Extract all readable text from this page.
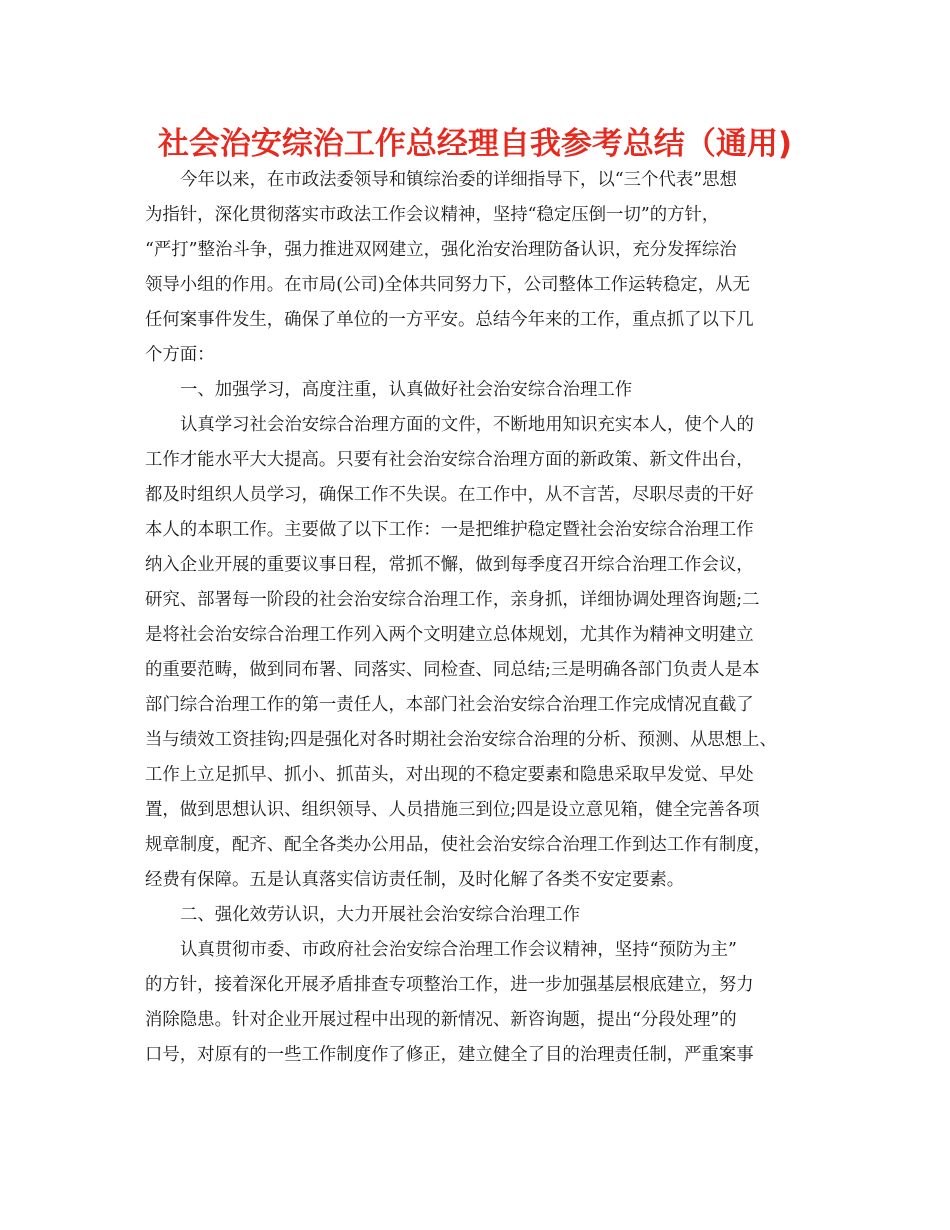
社会治安综治工作总经理自我参考总结（通用)
今年以来，在市政法委领导和镇综治委的详细指导下，以“三个代表”思想
为指针，深化贯彻落实市政法工作会议精神，坚持“稳定压倒一切”的方针，
“严打”整治斗争，强力推进双网建立，强化治安治理防备认识，充分发挥综治
领导小组的作用。在市局(公司)全体共同努力下，公司整体工作运转稳定，从无
任何案事件发生，确保了单位的一方平安。总结今年来的工作，重点抓了以下几
个方面：
一、加强学习，高度注重，认真做好社会治安综合治理工作
认真学习社会治安综合治理方面的文件，不断地用知识充实本人，使个人的
工作才能水平大大提高。只要有社会治安综合治理方面的新政策、新文件出台，
都及时组织人员学习，确保工作不失误。在工作中，从不言苦，尽职尽责的干好
本人的本职工作。主要做了以下工作：一是把维护稳定暨社会治安综合治理工作
纳入企业开展的重要议事日程，常抓不懈，做到每季度召开综合治理工作会议，
研究、部署每一阶段的社会治安综合治理工作，亲身抓，详细协调处理咨询题;二
是将社会治安综合治理工作列入两个文明建立总体规划，尤其作为精神文明建立
的重要范畴，做到同布署、同落实、同检查、同总结;三是明确各部门负责人是本
部门综合治理工作的第一责任人，本部门社会治安综合治理工作完成情况直截了
当与绩效工资挂钩;四是强化对各时期社会治安综合治理的分析、预测、从思想上、
工作上立足抓早、抓小、抓苗头，对出现的不稳定要素和隐患采取早发觉、早处
置，做到思想认识、组织领导、人员措施三到位;四是设立意见箱，健全完善各项
规章制度，配齐、配全各类办公用品，使社会治安综合治理工作到达工作有制度，
经费有保障。五是认真落实信访责任制，及时化解了各类不安定要素。
二、强化效劳认识，大力开展社会治安综合治理工作
认真贯彻市委、市政府社会治安综合治理工作会议精神，坚持“预防为主”
的方针，接着深化开展矛盾排查专项整治工作，进一步加强基层根底建立，努力
消除隐患。针对企业开展过程中出现的新情况、新咨询题，提出“分段处理”的
口号，对原有的一些工作制度作了修正，建立健全了目的治理责任制，严重案事
